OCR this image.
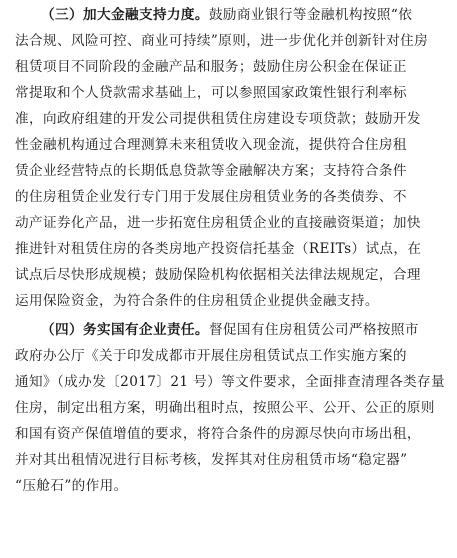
（三）加大金融支持力度。鼓励商业银行等金融机构按照“依
法合规、风险可控、商业可持续”原则，进一步优化并创新针对住房
租赁项目不同阶段的金融产品和服务；鼓励住房公积金在保证正
常提取和个人贷款需求基础上，可以参照国家政策性银行利率标
准，向政府组建的开发公司提供租赁住房建设专项贷款；鼓励开发
性金融机构通过合理测算未来租赁收入现金流，提供符合住房租
赁企业经营特点的长期低息贷款等金融解决方案；支持符合条件
的住房租赁企业发行专门用于发展住房租赁业务的各类债券、不
动产证券化产品，进一步拓宽住房租赁企业的直接融资渠道；加快
推进针对租赁住房的各类房地产投资信托基金（REITs）试点，在
试点后尽快形成规模；鼓励保险机构依据相关法律法规规定，合理
运用保险资金，为符合条件的住房租赁企业提供金融支持。
（四）务实国有企业责任。督促国有住房租赁公司严格按照市
政府办公厅《关于印发成都市开展住房租赁试点工作实施方案的
通知》（成办发〔2017〕21 号）等文件要求，全面排查清理各类存量
住房，制定出租方案，明确出租时点，按照公平、公开、公正的原则
和国有资产保值增值的要求，将符合条件的房源尽快向市场出租，
并对其出租情况进行目标考核，发挥其对住房租赁市场“稳定器”
“压舱石”的作用。
